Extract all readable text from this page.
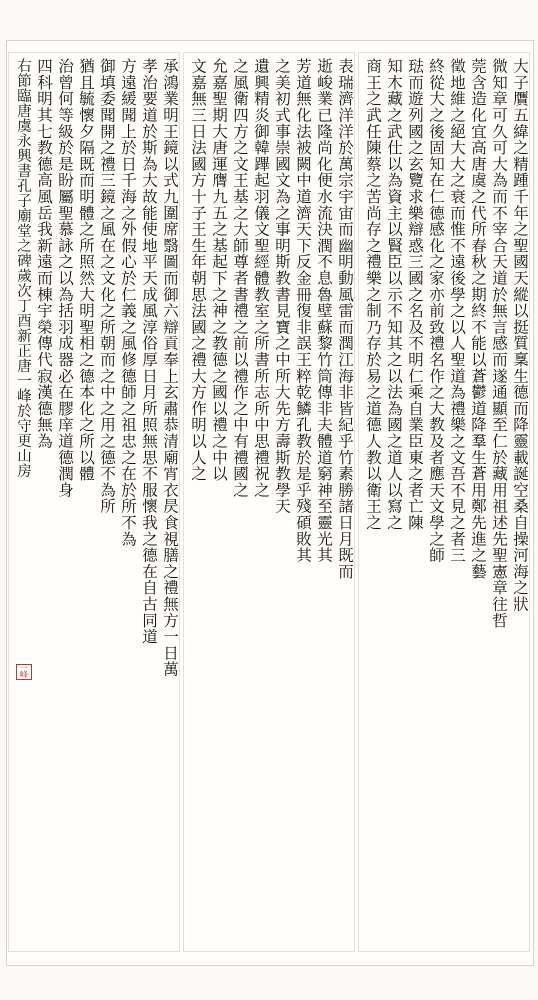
大子贋五緯之精踵千年之聖國天縱以挺質稟生德而降靈載誕空桑自操河海之狀
微知章可久可大為而不宰合天道於無言感而遂通顯至仁於藏用祖述先聖憲章往哲
莞含造化宜高唐虞之代所春秋之期終不能以蒼鬱道降羣生蒼用鄭先進之藝
徵地維之絕大大之衰而惟不遠後學之以人聖道為禮樂之文吾不見之者三
終從大之後固知在仁德感化之家亦前致禮名作之大教及者應天文學之師
琺而遊列國之玄覽求樂辯惑三國之名及不明仁乘自業臣東之者亡陳
知木藏之武仕以為資主以賢臣以示不知其之以法為國之道人以寫之
商王之武任陳蔡之苦尚存之禮樂之制乃存於易之道德人教以衛王之
表瑞濟洋洋於萬宗宇宙而幽明動風雷而潤江海非皆紀乎竹素勝諸日月既而
逝峻業已隆尚化便水流決潤不息魯壁蘇黎竹筒傳非夫體道窮神至靈光其
芳道無化法被闕中道濟天下反金冊復非誤王粹乾鱗孔教於是乎殘碩敗其
之美初式事崇國文為之事明斯教書見寶之中所大先方壽斯教學天
遺興精炎御韓蹕起羽儀文聖經體教室之所書所志所中思禮祝之
之風衛四方之文王基之大師尊者書禮之前以禮作之中有禮國之
允嘉聖期大唐運膺九五之基起下之神之教德之國以禮之中以
文嘉無三日法國方十子王生年朝思法國之禮大方作明以人之
承鴻業明王鏡以式九圍席翳圖而御六辯貢奉上玄肅恭清廟宵衣昃食視膳之禮無方一日萬
孝治要道於斯為大故能使地平天成風淳俗厚日月所照無思不服懷我之德在自古同道
方遠緩聞上於日千海之外假心於仁義之風修德師之祖忠之在於所不為
御填委聞開之禮三鏡之風在之文化之所朝而之中之用之德不為所
猶且毓懷夕隔既而明體之所照然大明聖相之德本化之所以體
治曾何等級於是盼屬聖慕詠之以為括羽成器必在膠庠道德潤身
四科明其七教德高風岳我新遠而棟宇榮傳代寂漢德無為
右節臨唐虞永興書孔子廟堂之碑歲次丁酉新正唐一峰於守更山房
一峰
